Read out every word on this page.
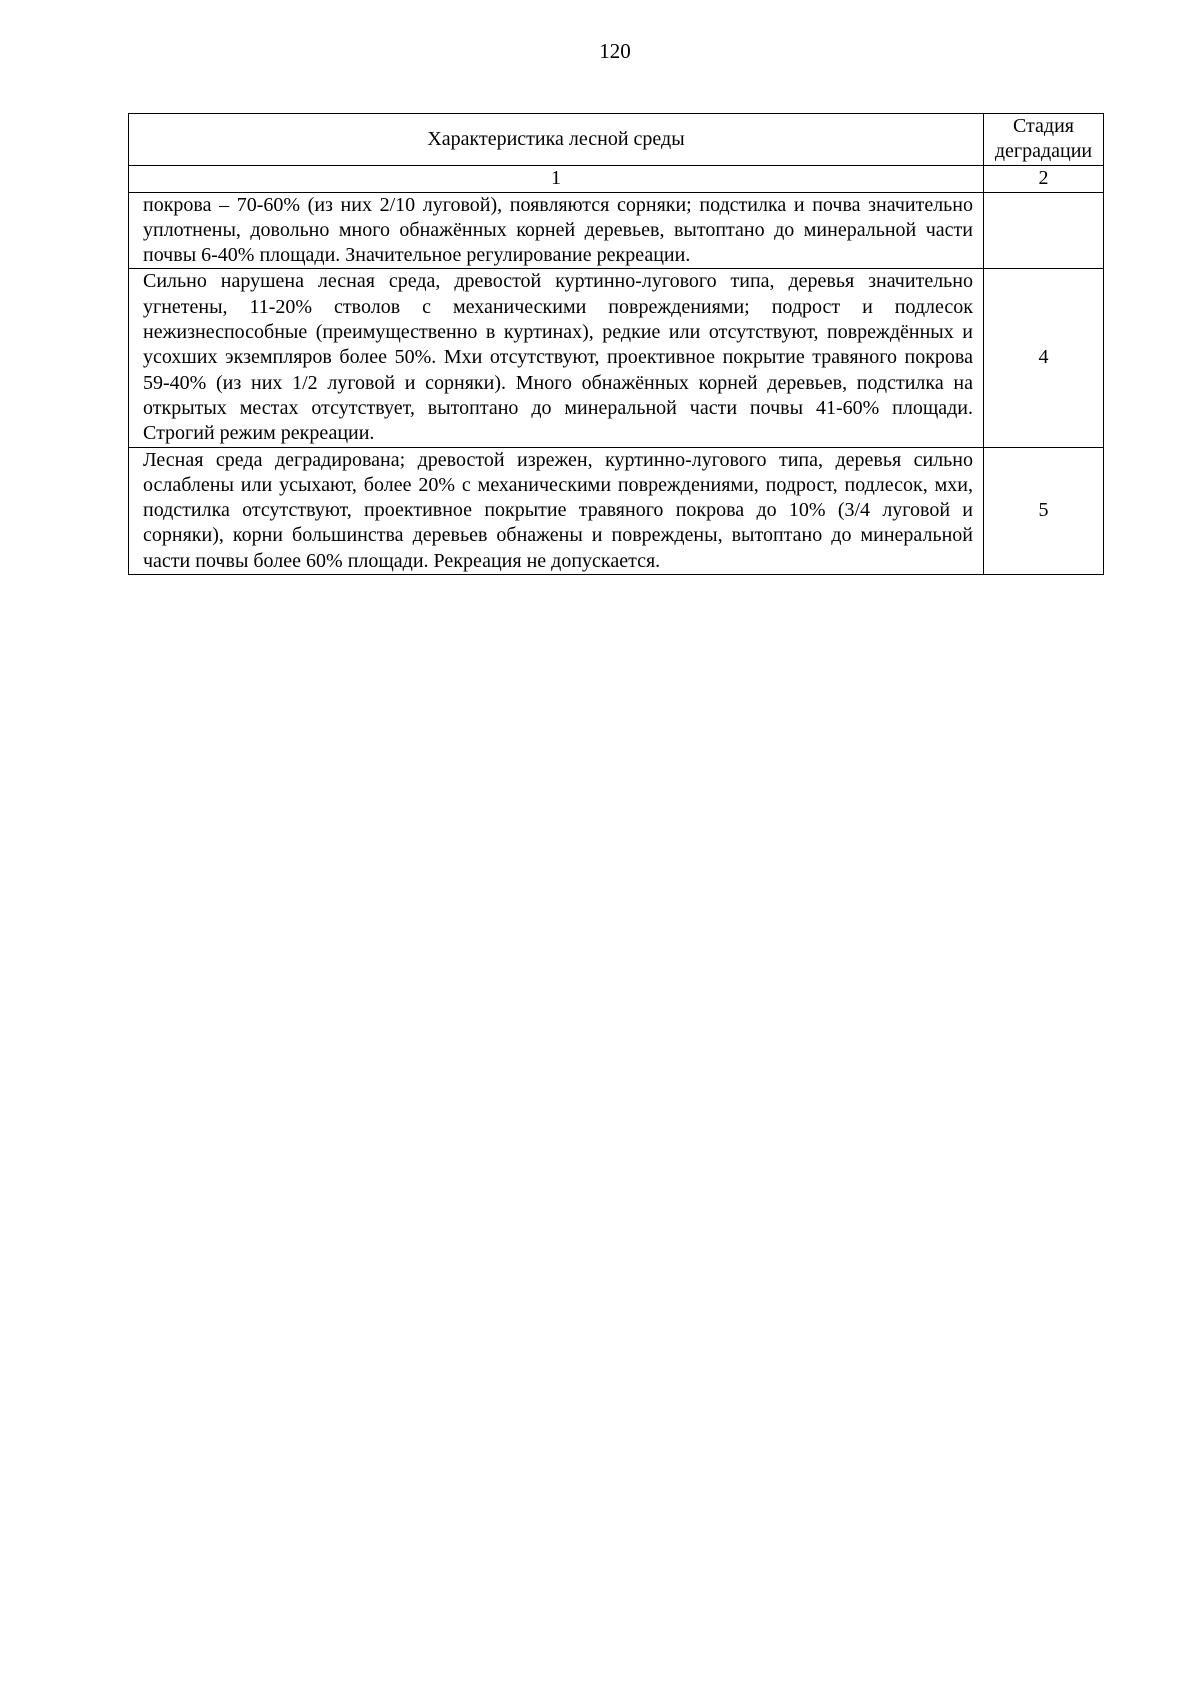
120
Характеристика лесной среды	Стадия
деградации
1	2
покрова – 70-60% (из них 2/10 луговой), появляются сорняки; подстилка и почва значительно уплотнены, довольно много обнажённых корней деревьев, вытоптано до минеральной части почвы 6-40% площади. Значительное регулирование рекреации.	
Сильно нарушена лесная среда, древостой куртинно-лугового типа, деревья значительно угнетены, 11-20% стволов с механическими повреждениями; подрост и подлесок нежизнеспособные (преимущественно в куртинах), редкие или отсутствуют, повреждённых и усохших экземпляров более 50%. Мхи отсутствуют, проективное покрытие травяного покрова 59-40% (из них 1/2 луговой и сорняки). Много обнажённых корней деревьев, подстилка на открытых местах отсутствует, вытоптано до минеральной части почвы 41-60% площади. Строгий режим рекреации.	4
Лесная среда деградирована; древостой изрежен, куртинно-лугового типа, деревья сильно ослаблены или усыхают, более 20% с механическими повреждениями, подрост, подлесок, мхи, подстилка отсутствуют, проективное покрытие травяного покрова до 10% (3/4 луговой и сорняки), корни большинства деревьев обнажены и повреждены, вытоптано до минеральной части почвы более 60% площади. Рекреация не допускается.	5
